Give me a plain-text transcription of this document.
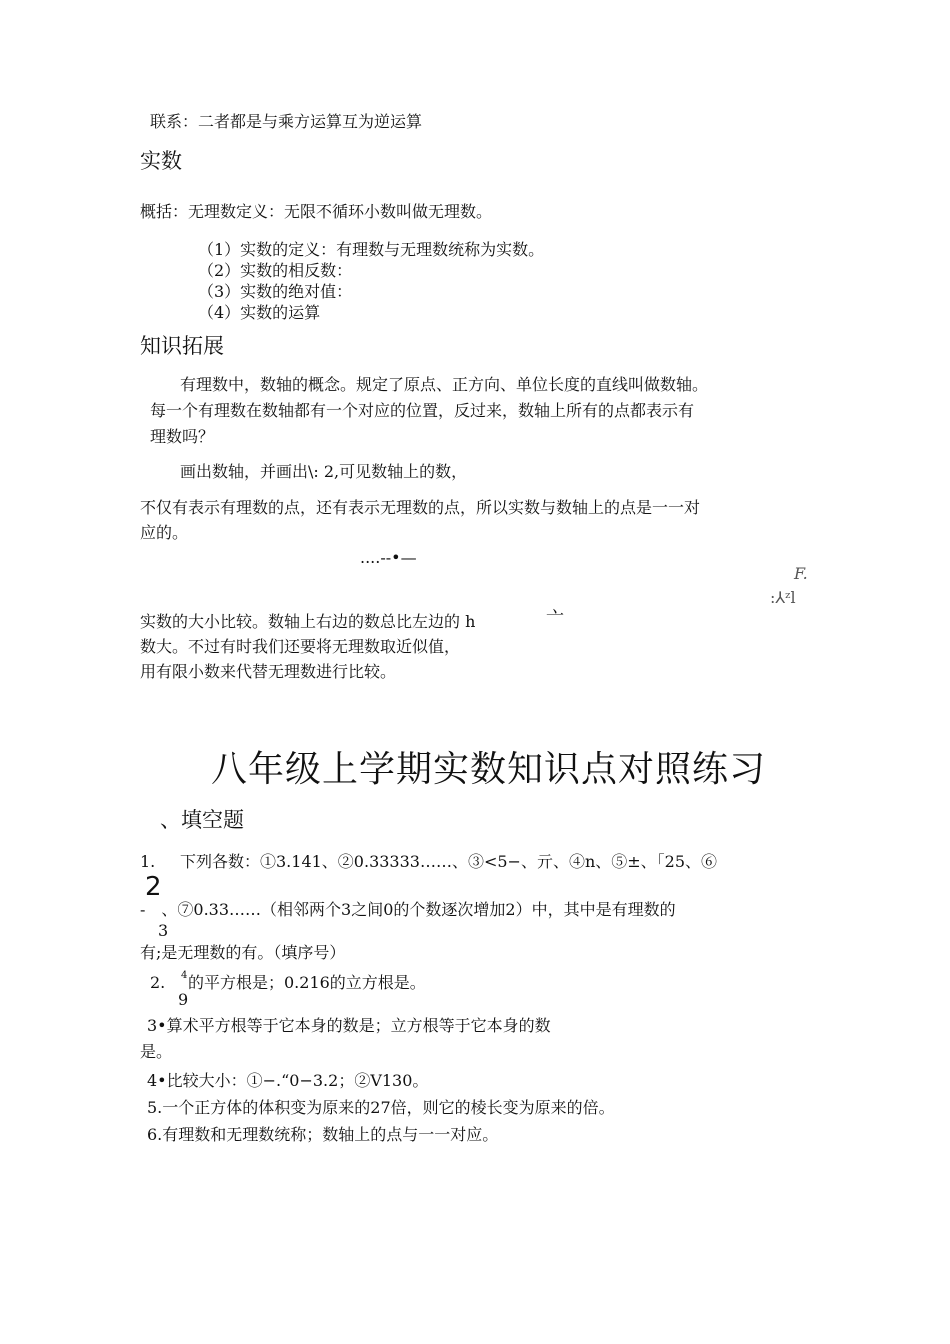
联系：二者都是与乘方运算互为逆运算
实数
概括：无理数定义：无限不循环小数叫做无理数。
（1）实数的定义：有理数与无理数统称为实数。
（2）实数的相反数：
（3）实数的绝对值：
（4）实数的运算
知识拓展
有理数中，数轴的概念。规定了原点、正方向、单位长度的直线叫做数轴。
每一个有理数在数轴都有一个对应的位置，反过来，数轴上所有的点都表示有
理数吗？
画出数轴，并画出\: 2,可见数轴上的数，
不仅有表示有理数的点，还有表示无理数的点，所以实数与数轴上的点是一一对
应的。
....--•—
F.
:⅄ᶻl
实数的大小比较。数轴上右边的数总比左边的 h	亠
数大。不过有时我们还要将无理数取近似值，
用有限小数来代替无理数进行比较。
八年级上学期实数知识点对照练习
、填空题
1. 下列各数：①3.141、②0.33333……、③<5−、亓、④n、⑤±、「25、⑥
2
-　、⑦0.33……（相邻两个3之间0的个数逐次增加2）中，其中是有理数的
3
有;是无理数的有。（填序号）
2. 4 的平方根是；0.216的立方根是。
9
3•算术平方根等于它本身的数是；立方根等于它本身的数
是。
4•比较大小：①−.“0−3.2；②V130。
5.一个正方体的体积变为原来的27倍，则它的棱长变为原来的倍。
6.有理数和无理数统称；数轴上的点与一一对应。
